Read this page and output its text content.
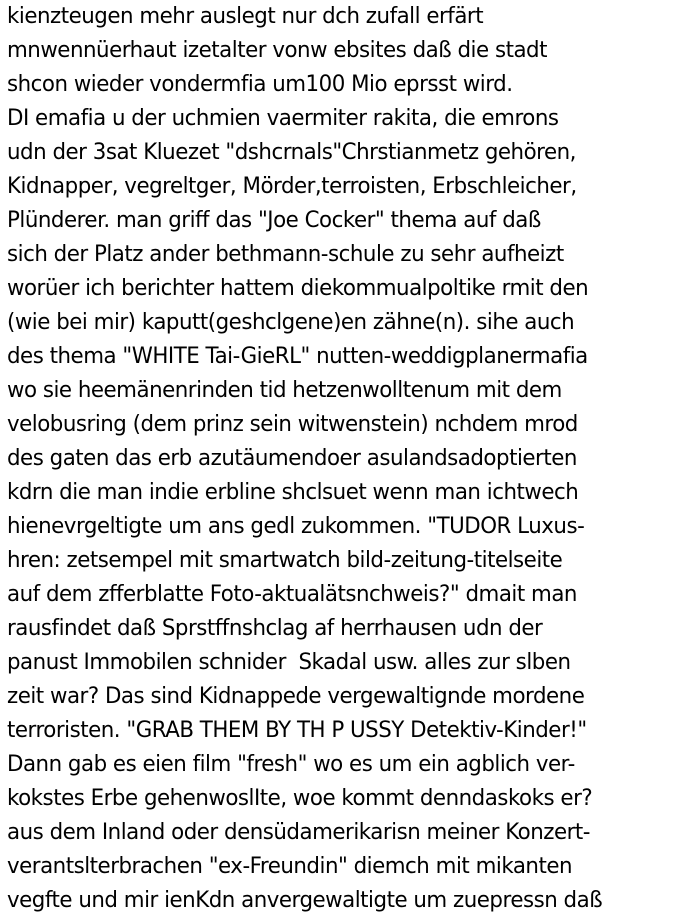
kienzteugen mehr auslegt nur dch zufall erfärt
mnwennüerhaut izetalter vonw ebsites daß die stadt
shcon wieder vondermfia um100 Mio eprsst wird.
DI emafia u der uchmien vaermiter rakita, die emrons
udn der 3sat Kluezet "dshcrnals"Chrstianmetz gehören,
Kidnapper, vegreltger, Mörder,terroisten, Erbschleicher,
Plünderer. man griff das "Joe Cocker" thema auf daß
sich der Platz ander bethmann-schule zu sehr aufheizt
worüer ich berichter hattem diekommualpoltike rmit den
(wie bei mir) kaputt(geshclgene)en zähne(n). sihe auch
des thema "WHITE Tai-GieRL" nutten-weddigplanermafia
wo sie heemänenrinden tid hetzenwolltenum mit dem
velobusring (dem prinz sein witwenstein) nchdem mrod
des gaten das erb azutäumendoer asulandsadoptierten
kdrn die man indie erbline shclsuet wenn man ichtwech
hienevrgeltigte um ans gedl zukommen. "TUDOR Luxus-
hren: zetsempel mit smartwatch bild-zeitung-titelseite
auf dem zfferblatte Foto-aktualätsnchweis?" dmait man
rausfindet daß Sprstffnshclag af herrhausen udn der
panust Immobilen schnider  Skadal usw. alles zur slben
zeit war? Das sind Kidnappede vergewaltignde mordene
terroristen. "GRAB THEM BY TH P USSY Detektiv-Kinder!"
Dann gab es eien film "fresh" wo es um ein agblich ver-
kokstes Erbe gehenwoslIte, woe kommt denndaskoks er?
aus dem Inland oder densüdamerikarisn meiner Konzert-
verantslterbrachen "ex-Freundin" diemch mit mikanten
vegfte und mir ienKdn anvergewaltigte um zuepressn daß
